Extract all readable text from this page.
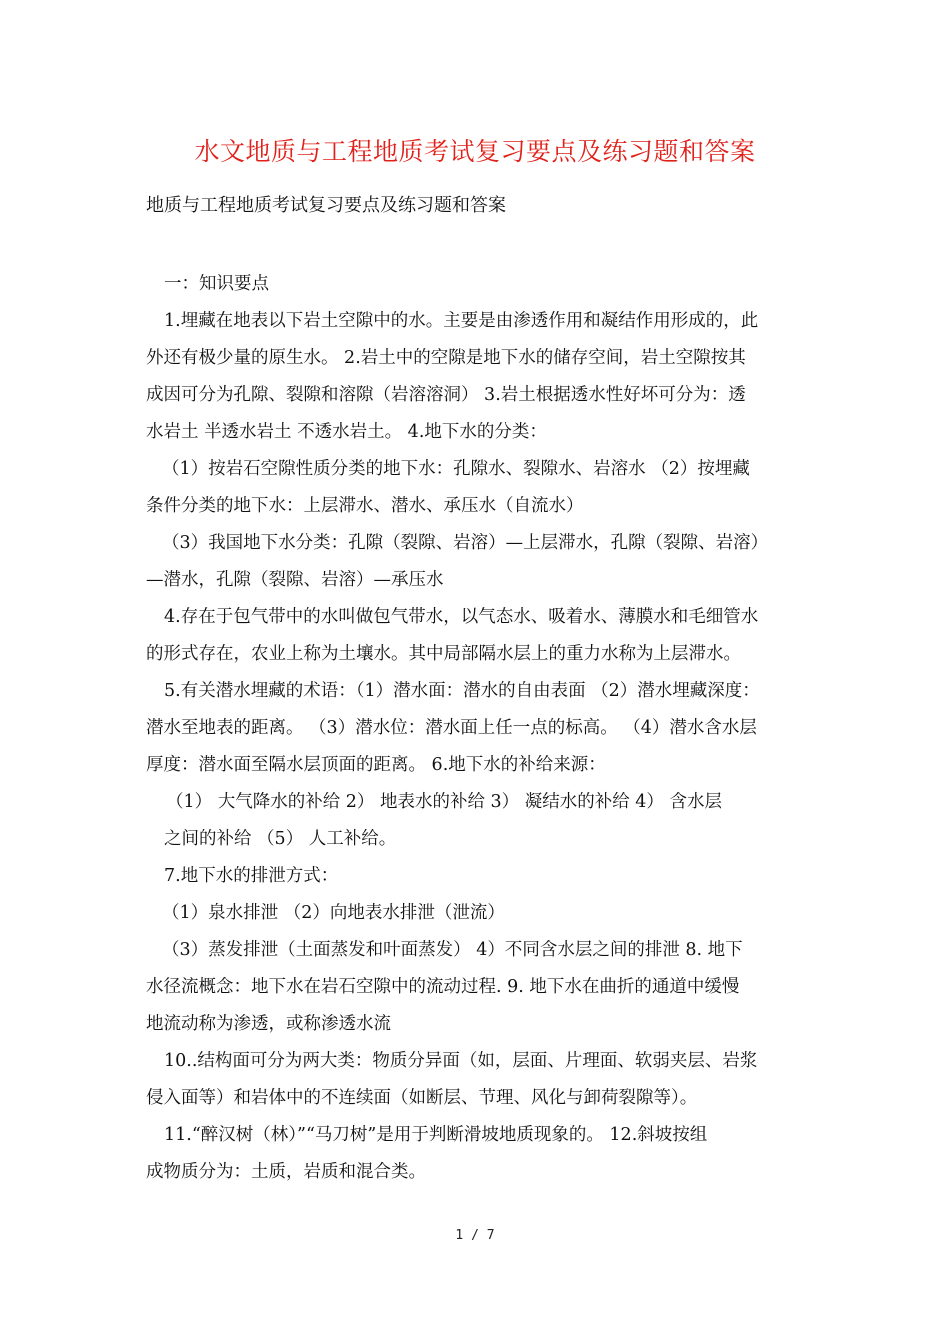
水文地质与工程地质考试复习要点及练习题和答案
地质与工程地质考试复习要点及练习题和答案
一：知识要点
1.埋藏在地表以下岩土空隙中的水。主要是由渗透作用和凝结作用形成的，此
外还有极少量的原生水。 2.岩土中的空隙是地下水的储存空间，岩土空隙按其
成因可分为孔隙、裂隙和溶隙（岩溶溶洞） 3.岩土根据透水性好坏可分为：透
水岩土 半透水岩土 不透水岩土。 4.地下水的分类：
（1）按岩石空隙性质分类的地下水：孔隙水、裂隙水、岩溶水 （2）按埋藏
条件分类的地下水：上层滞水、潜水、承压水（自流水）
（3）我国地下水分类：孔隙（裂隙、岩溶）—上层滞水，孔隙（裂隙、岩溶）
—潜水，孔隙（裂隙、岩溶）—承压水
4.存在于包气带中的水叫做包气带水，以气态水、吸着水、薄膜水和毛细管水
的形式存在，农业上称为土壤水。其中局部隔水层上的重力水称为上层滞水。
5.有关潜水埋藏的术语：（1）潜水面：潜水的自由表面 （2）潜水埋藏深度：
潜水至地表的距离。 （3）潜水位：潜水面上任一点的标高。 （4）潜水含水层
厚度：潜水面至隔水层顶面的距离。 6.地下水的补给来源：
（1） 大气降水的补给 2） 地表水的补给 3） 凝结水的补给 4） 含水层
之间的补给 （5） 人工补给。
7.地下水的排泄方式：
（1）泉水排泄 （2）向地表水排泄（泄流）
（3）蒸发排泄（土面蒸发和叶面蒸发） 4）不同含水层之间的排泄 8. 地下
水径流概念：地下水在岩石空隙中的流动过程. 9. 地下水在曲折的通道中缓慢
地流动称为渗透，或称渗透水流
10..结构面可分为两大类：物质分异面（如，层面、片理面、软弱夹层、岩浆
侵入面等）和岩体中的不连续面（如断层、节理、风化与卸荷裂隙等）。
11.“醉汉树（林）”“马刀树”是用于判断滑坡地质现象的。 12.斜坡按组
成物质分为：土质，岩质和混合类。
1 / 7
